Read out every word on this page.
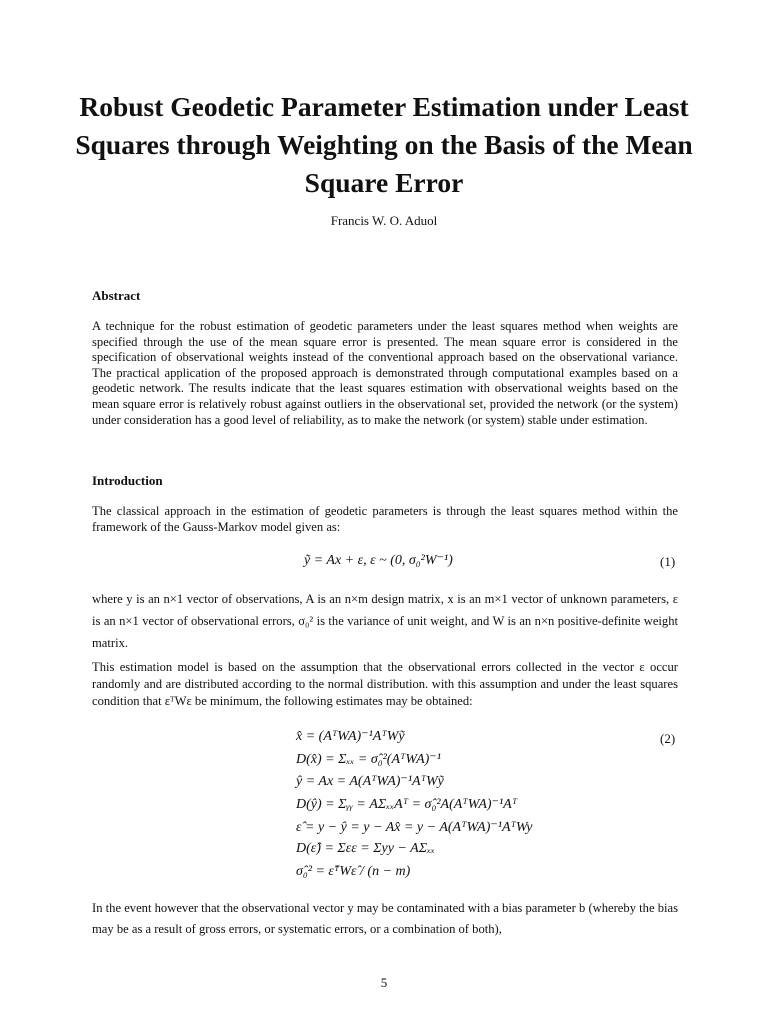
Robust Geodetic Parameter Estimation under Least Squares through Weighting on the Basis of the Mean Square Error
Francis W. O. Aduol
Abstract
A technique for the robust estimation of geodetic parameters under the least squares method when weights are specified through the use of the mean square error is presented. The mean square error is considered in the specification of observational weights instead of the conventional approach based on the observational variance. The practical application of the proposed approach is demonstrated through computational examples based on a geodetic network. The results indicate that the least squares estimation with observational weights based on the mean square error is relatively robust against outliers in the observational set, provided the network (or the system) under consideration has a good level of reliability, as to make the network (or system) stable under estimation.
Introduction
The classical approach in the estimation of geodetic parameters is through the least squares method within the framework of the Gauss-Markov model given as:
ỹ = Ax + ε, ε ~ (0, σ₀²W⁻¹)	(1)
where y is an n×1 vector of observations, A is an n×m design matrix, x is an m×1 vector of unknown parameters, ε is an n×1 vector of observational errors, σ₀² is the variance of unit weight, and W is an n×n positive-definite weight matrix.
This estimation model is based on the assumption that the observational errors collected in the vector ε occur randomly and are distributed according to the normal distribution. with this assumption and under the least squares condition that εᵀWε be minimum, the following estimates may be obtained:
x̂ = (AᵀWA)⁻¹AᵀWỹ
D(x̂) = Σₓₓ = σ̂₀²(AᵀWA)⁻¹
ŷ = Ax = A(AᵀWA)⁻¹AᵀWỹ
D(ŷ) = Σᵧᵧ = AΣₓₓAᵀ = σ̂₀²A(AᵀWA)⁻¹Aᵀ
ε̂ = y − ŷ = y − Ax̂ = y − A(AᵀWA)⁻¹AᵀWy
D(ε̂) = Σεε = Σyy − AΣₓₓ
σ̂₀² = ε̂ᵀWε̂ / (n − m)
(2)
In the event however that the observational vector y may be contaminated with a bias parameter b (whereby the bias may be as a result of gross errors, or systematic errors, or a combination of both),
5
